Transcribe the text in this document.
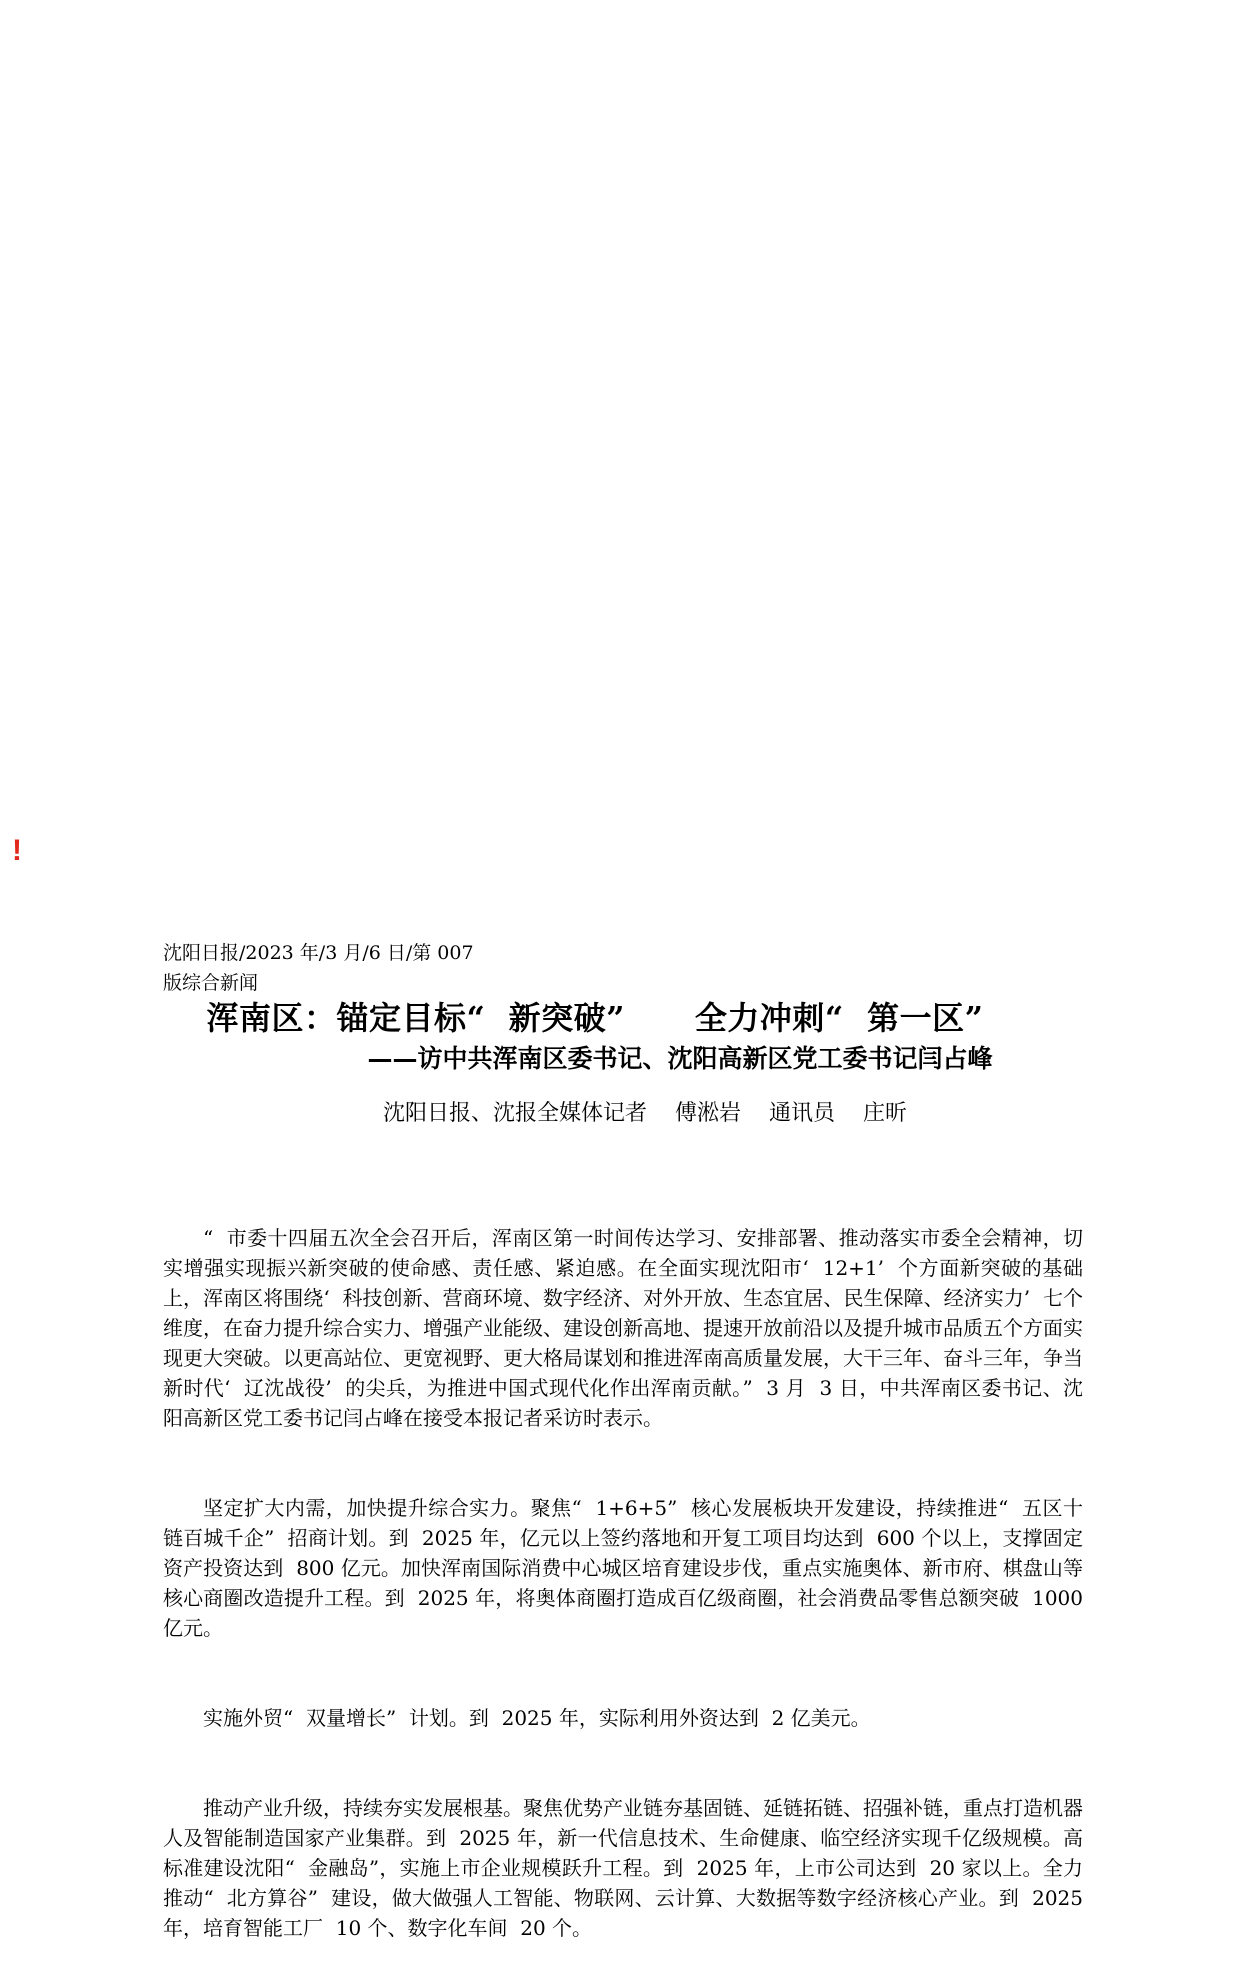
!
沈阳日报/2023 年/3 月/6 日/第 007
版综合新闻
浑南区：锚定目标“  新突破”      全力冲刺“  第一区”
——访中共浑南区委书记、沈阳高新区党工委书记闫占峰
沈阳日报、沈报全媒体记者    傅淞岩    通讯员    庄昕

“  市委十四届五次全会召开后，浑南区第一时间传达学习、安排部署、推动落实市委全会精神，切实增强实现振兴新突破的使命感、责任感、紧迫感。在全面实现沈阳市‘  12+1’  个方面新突破的基础上，浑南区将围绕‘  科技创新、营商环境、数字经济、对外开放、生态宜居、民生保障、经济实力’  七个维度，在奋力提升综合实力、增强产业能级、建设创新高地、提速开放前沿以及提升城市品质五个方面实现更大突破。以更高站位、更宽视野、更大格局谋划和推进浑南高质量发展，大干三年、奋斗三年，争当新时代‘  辽沈战役’  的尖兵，为推进中国式现代化作出浑南贡献。”  3 月  3 日，中共浑南区委书记、沈阳高新区党工委书记闫占峰在接受本报记者采访时表示。

坚定扩大内需，加快提升综合实力。聚焦“  1+6+5”  核心发展板块开发建设，持续推进“  五区十链百城千企”  招商计划。到  2025 年，亿元以上签约落地和开复工项目均达到  600 个以上，支撑固定资产投资达到  800 亿元。加快浑南国际消费中心城区培育建设步伐，重点实施奥体、新市府、棋盘山等核心商圈改造提升工程。到  2025 年，将奥体商圈打造成百亿级商圈，社会消费品零售总额突破  1000 亿元。

实施外贸“  双量增长”  计划。到  2025 年，实际利用外资达到  2 亿美元。

推动产业升级，持续夯实发展根基。聚焦优势产业链夯基固链、延链拓链、招强补链，重点打造机器人及智能制造国家产业集群。到  2025 年，新一代信息技术、生命健康、临空经济实现千亿级规模。高标准建设沈阳“  金融岛”，实施上市企业规模跃升工程。到  2025 年，上市公司达到  20 家以上。全力推动“  北方算谷”  建设，做大做强人工智能、物联网、云计算、大数据等数字经济核心产业。到  2025 年，培育智能工厂  10 个、数字化车间  20 个。
